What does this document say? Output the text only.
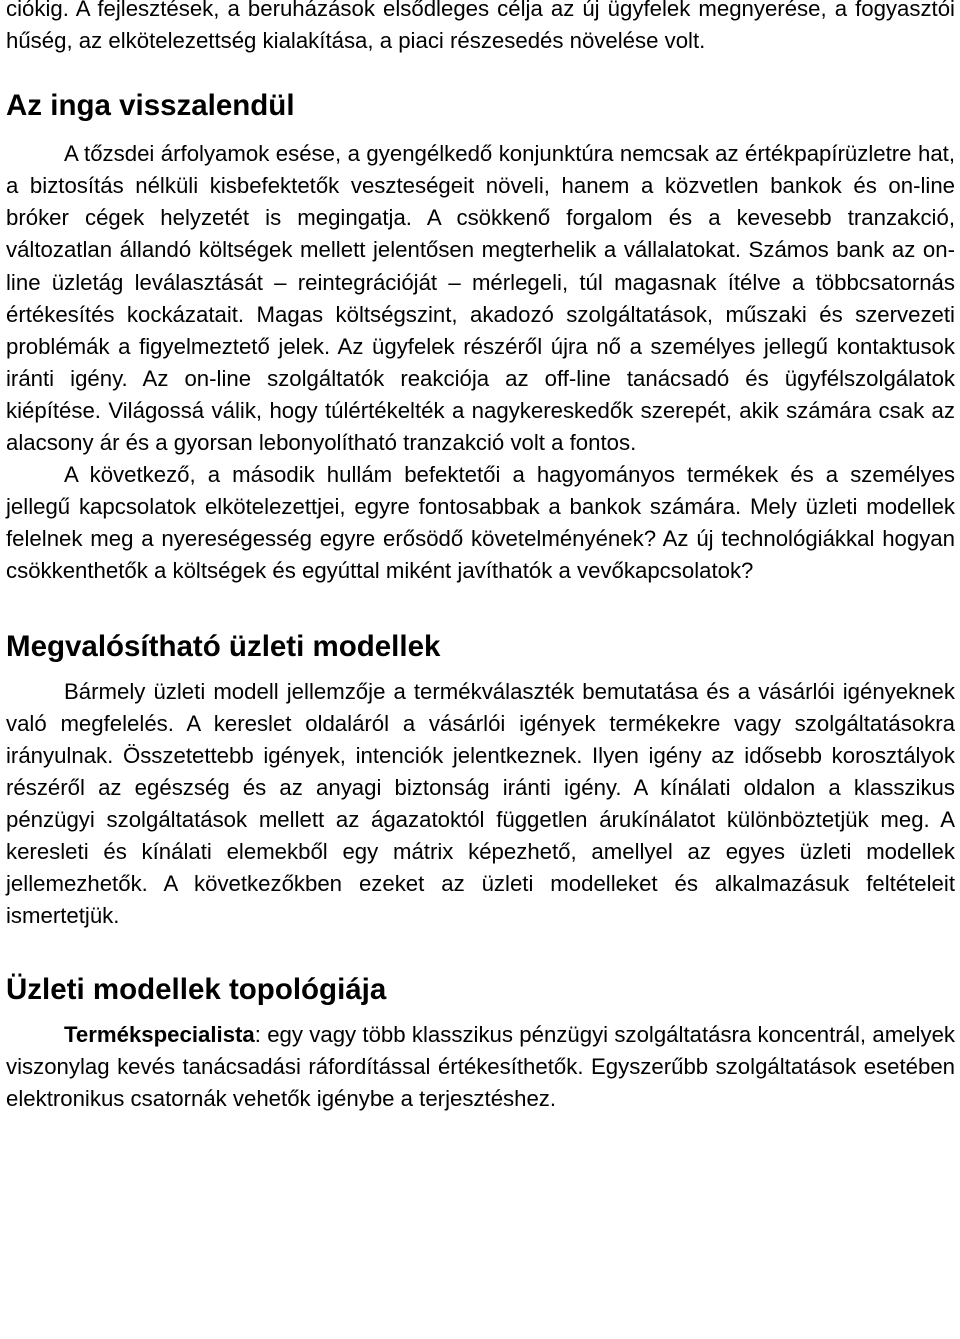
ciókig. A fejlesztések, a beruházások elsődleges célja az új ügyfelek megnyerése, a fogyasztói hűség, az elkötelezettség kialakítása, a piaci részesedés növelése volt.

Az inga visszalendül

A tőzsdei árfolyamok esése, a gyengélkedő konjunktúra nemcsak az értékpapírüzletre hat, a biztosítás nélküli kisbefektetők veszteségeit növeli, hanem a közvetlen bankok és on-line bróker cégek helyzetét is megingatja. A csökkenő forgalom és a kevesebb tranzakció, változatlan állandó költségek mellett jelentősen megterhelik a vállalatokat. Számos bank az on-line üzletág leválasztását – reintegrációját – mérlegeli, túl magasnak ítélve a többcsatornás értékesítés kockázatait. Magas költségszint, akadozó szolgáltatások, műszaki és szervezeti problémák a figyelmeztető jelek. Az ügyfelek részéről újra nő a személyes jellegű kontaktusok iránti igény. Az on-line szolgáltatók reakciója az off-line tanácsadó és ügyfélszolgálatok kiépítése. Világossá válik, hogy túlértékelték a nagykereskedők szerepét, akik számára csak az alacsony ár és a gyorsan lebonyolítható tranzakció volt a fontos.

A következő, a második hullám befektetői a hagyományos termékek és a személyes jellegű kapcsolatok elkötelezettjei, egyre fontosabbak a bankok számára. Mely üzleti modellek felelnek meg a nyereségesség egyre erősödő követelményének? Az új technológiákkal hogyan csökkenthetők a költségek és egyúttal miként javíthatók a vevőkapcsolatok?

Megvalósítható üzleti modellek

Bármely üzleti modell jellemzője a termékválaszték bemutatása és a vásárlói igényeknek való megfelelés. A kereslet oldaláról a vásárlói igények termékekre vagy szolgáltatásokra irányulnak. Összetettebb igények, intenciók jelentkeznek. Ilyen igény az idősebb korosztályok részéről az egészség és az anyagi biztonság iránti igény. A kínálati oldalon a klasszikus pénzügyi szolgáltatások mellett az ágazatoktól független árukínálatot különböztetjük meg. A keresleti és kínálati elemekből egy mátrix képezhető, amellyel az egyes üzleti modellek jellemezhetők. A következőkben ezeket az üzleti modelleket és alkalmazásuk feltételeit ismertetjük.

Üzleti modellek topológiája

Termékspecialista: egy vagy több klasszikus pénzügyi szolgáltatásra koncentrál, amelyek viszonylag kevés tanácsadási ráfordítással értékesíthetők. Egyszerűbb szolgáltatások esetében elektronikus csatornák vehetők igénybe a terjesztéshez.
